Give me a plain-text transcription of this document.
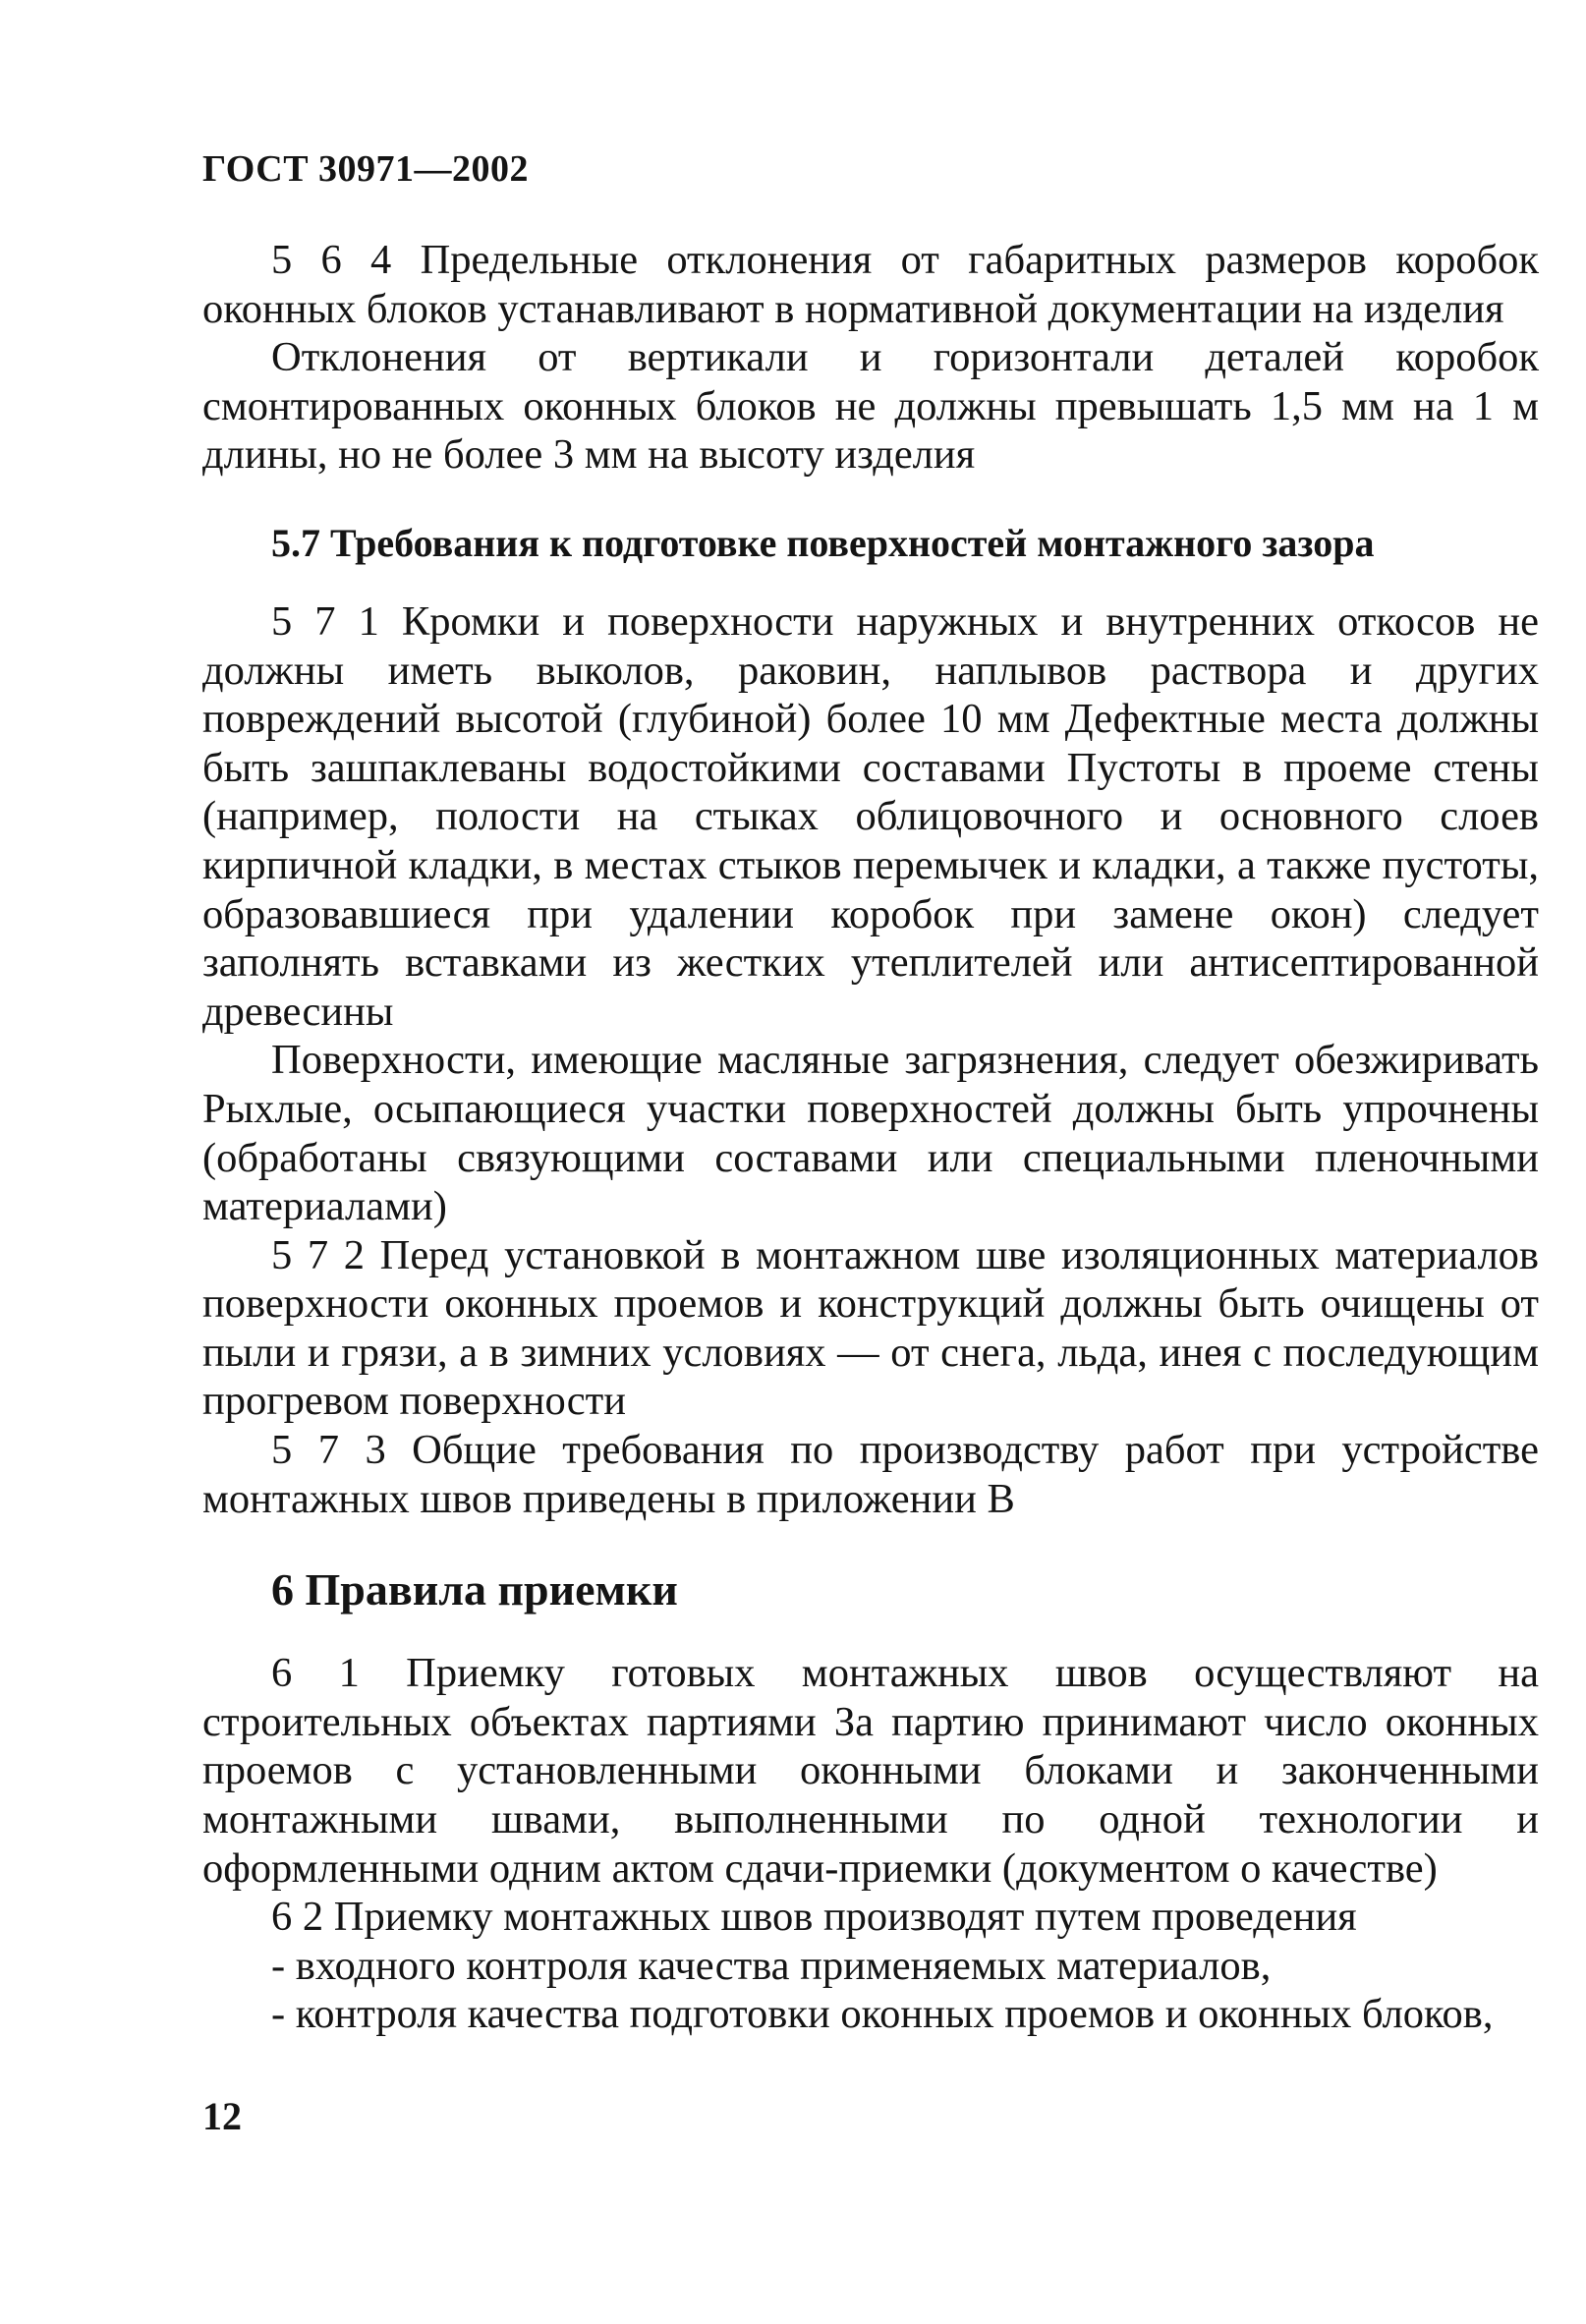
ГОСТ 30971—2002

5 6 4 Предельные отклонения от габаритных размеров коробок оконных блоков устанавливают в нормативной документации на изделия

Отклонения от вертикали и горизонтали деталей коробок смонтированных оконных блоков не должны превышать 1,5 мм на 1 м длины, но не более 3 мм на высоту изделия

5.7 Требования к подготовке поверхностей монтажного зазора

5 7 1 Кромки и поверхности наружных и внутренних откосов не должны иметь выколов, раковин, наплывов раствора и других повреждений высотой (глубиной) более 10 мм Дефектные места должны быть зашпаклеваны водостойкими составами Пустоты в проеме стены (например, полости на стыках облицовочного и основного слоев кирпичной кладки, в местах стыков перемычек и кладки, а также пустоты, образовавшиеся при удалении коробок при замене окон) следует заполнять вставками из жестких утеплителей или антисептированной древесины

Поверхности, имеющие масляные загрязнения, следует обезжиривать Рыхлые, осыпающиеся участки поверхностей должны быть упрочнены (обработаны связующими составами или специальными пленочными материалами)

5 7 2 Перед установкой в монтажном шве изоляционных материалов поверхности оконных проемов и конструкций должны быть очищены от пыли и грязи, а в зимних условиях — от снега, льда, инея с последующим прогревом поверхности

5 7 3 Общие требования по производству работ при устройстве монтажных швов приведены в приложении В

6 Правила приемки

6 1 Приемку готовых монтажных швов осуществляют на строительных объектах партиями За партию принимают число оконных проемов с установленными оконными блоками и законченными монтажными швами, выполненными по одной технологии и оформленными одним актом сдачи-приемки (документом о качестве)

6 2 Приемку монтажных швов производят путем проведения

- входного контроля качества применяемых материалов,

- контроля качества подготовки оконных проемов и оконных блоков,

12
